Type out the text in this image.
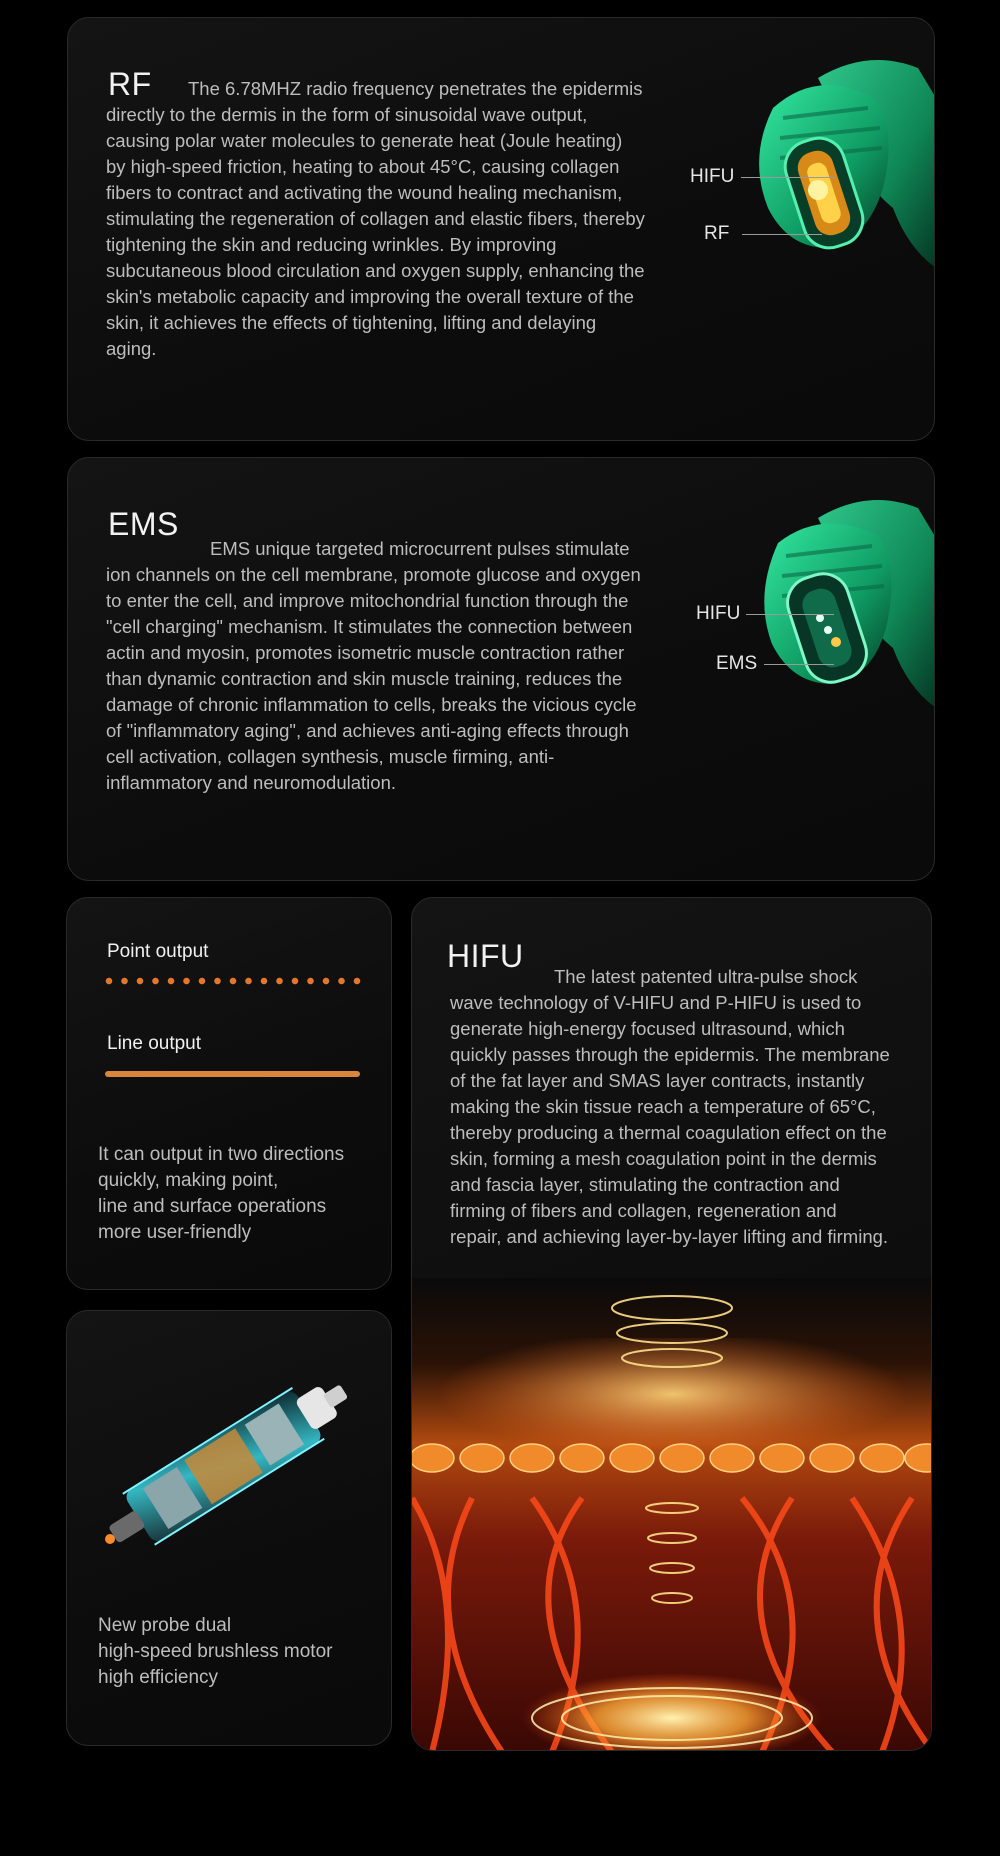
RF	The 6.78MHZ radio frequency penetrates the epidermis directly to the dermis in the form of sinusoidal wave output, causing polar water molecules to generate heat (Joule heating) by high-speed friction, heating to about 45°C, causing collagen fibers to contract and activating the wound healing mechanism, stimulating the regeneration of collagen and elastic fibers, thereby tightening the skin and reducing wrinkles. By improving subcutaneous blood circulation and oxygen supply, enhancing the skin's metabolic capacity and improving the overall texture of the skin, it achieves the effects of tightening, lifting and delaying aging.
HIFU
RF
EMS
EMS unique targeted microcurrent pulses stimulate ion channels on the cell membrane, promote glucose and oxygen to enter the cell, and improve mitochondrial function through the "cell charging" mechanism. It stimulates the connection between actin and myosin, promotes isometric muscle contraction rather than dynamic contraction and skin muscle training, reduces the damage of chronic inflammation to cells, breaks the vicious cycle of "inflammatory aging", and achieves anti-aging effects through cell activation, collagen synthesis, muscle firming, anti-inflammatory and neuromodulation.
HIFU
EMS
Point output
Line output
It can output in two directions
quickly, making point,
line and surface operations
more user-friendly
New probe dual
high-speed brushless motor
high efficiency
HIFU
The latest patented ultra-pulse shock wave technology of V-HIFU and P-HIFU is used to generate high-energy focused ultrasound, which quickly passes through the epidermis. The membrane of the fat layer and SMAS layer contracts, instantly making the skin tissue reach a temperature of 65°C, thereby producing a thermal coagulation effect on the skin, forming a mesh coagulation point in the dermis and fascia layer, stimulating the contraction and firming of fibers and collagen, regeneration and repair, and achieving layer-by-layer lifting and firming.
